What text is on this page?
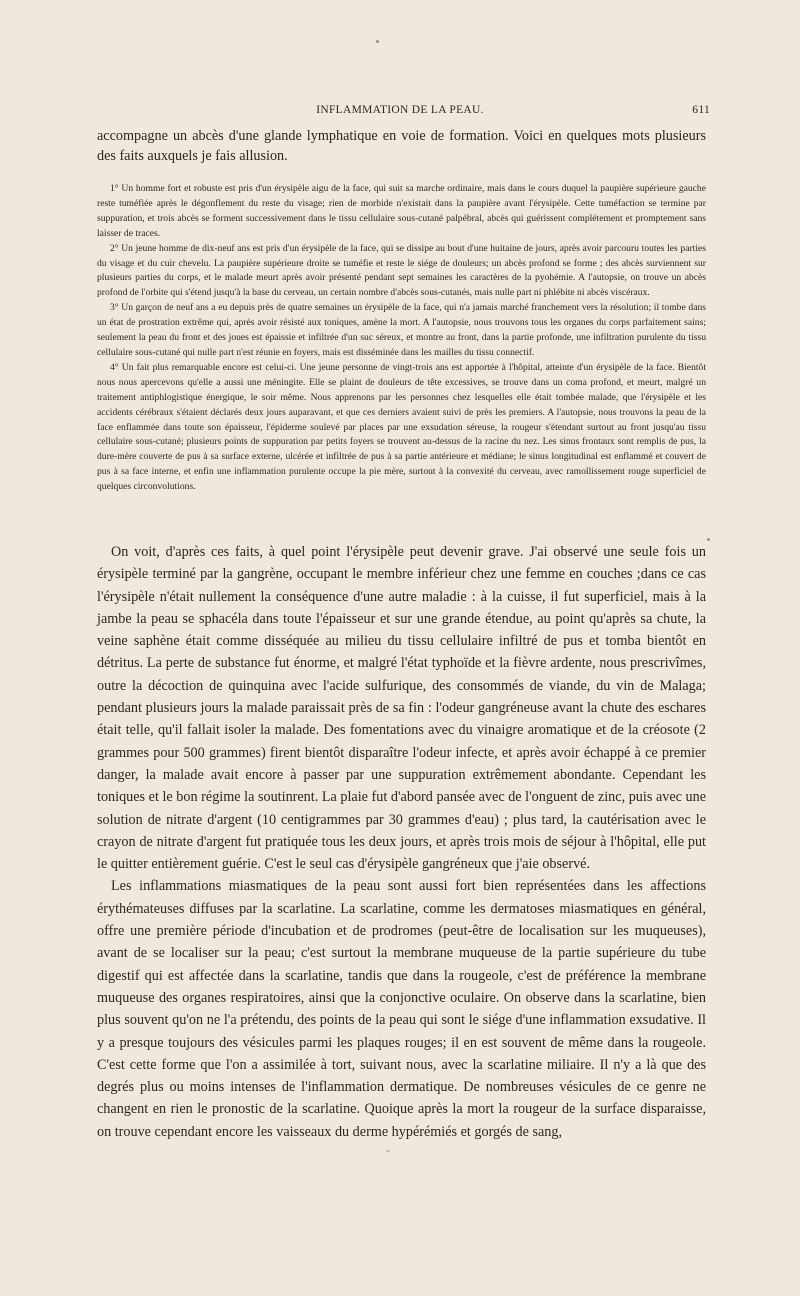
INFLAMMATION DE LA PEAU.	611

accompagne un abcès d'une glande lymphatique en voie de formation. Voici en quelques mots plusieurs des faits auxquels je fais allusion.

1° Un homme fort et robuste est pris d'un érysipèle aigu de la face, qui suit sa marche ordinaire, mais dans le cours duquel la paupière supérieure gauche reste tuméfiée après le dégonflement du reste du visage; rien de morbide n'existait dans la paupière avant l'érysipèle. Cette tuméfaction se termine par suppuration, et trois abcès se forment successivement dans le tissu cellulaire sous-cutané palpébral, abcès qui guérissent complétement et promptement sans laisser de traces.

2° Un jeune homme de dix-neuf ans est pris d'un érysipèle de la face, qui se dissipe au bout d'une huitaine de jours, après avoir parcouru toutes les parties du visage et du cuir chevelu. La paupière supérieure droite se tuméfie et reste le siége de douleurs; un abcès profond se forme ; des abcès surviennent sur plusieurs parties du corps, et le malade meurt après avoir présenté pendant sept semaines les caractères de la pyohémie. A l'autopsie, on trouve un abcès profond de l'orbite qui s'étend jusqu'à la base du cerveau, un certain nombre d'abcès sous-cutanés, mais nulle part ni phlébite ni abcès viscéraux.

3° Un garçon de neuf ans a eu depuis près de quatre semaines un érysipèle de la face, qui n'a jamais marché franchement vers la résolution; il tombe dans un état de prostration extrême qui, après avoir résisté aux toniques, amène la mort. A l'autopsie, nous trouvons tous les organes du corps parfaitement sains; seulement la peau du front et des joues est épaissie et infiltrée d'un suc séreux, et montre au front, dans la partie profonde, une infiltration purulente du tissu cellulaire sous-cutané qui nulle part n'est réunie en foyers, mais est disséminée dans les mailles du tissu connectif.

4° Un fait plus remarquable encore est celui-ci. Une jeune personne de vingt-trois ans est apportée à l'hôpital, atteinte d'un érysipèle de la face. Bientôt nous nous apercevons qu'elle a aussi une méningite. Elle se plaint de douleurs de tête excessives, se trouve dans un coma profond, et meurt, malgré un traitement antiphlogistique énergique, le soir même. Nous apprenons par les personnes chez lesquelles elle était tombée malade, que l'érysipèle et les accidents cérébraux s'étaient déclarés deux jours auparavant, et que ces derniers avaient suivi de près les premiers. A l'autopsie, nous trouvons la peau de la face enflammée dans toute son épaisseur, l'épiderme soulevé par places par une exsudation séreuse, la rougeur s'étendant surtout au front jusqu'au tissu cellulaire sous-cutané; plusieurs points de suppuration par petits foyers se trouvent au-dessus de la racine du nez. Les sinus frontaux sont remplis de pus, la dure-mère couverte de pus à sa surface externe, ulcérée et infiltrée de pus à sa partie antérieure et médiane; le sinus longitudinal est enflammé et couvert de pus à sa face interne, et enfin une inflammation purulente occupe la pie mère, surtout à la convexité du cerveau, avec ramollissement rouge superficiel de quelques circonvolutions.

On voit, d'après ces faits, à quel point l'érysipèle peut devenir grave. J'ai observé une seule fois un érysipèle terminé par la gangrène, occupant le membre inférieur chez une femme en couches ;dans ce cas l'érysipèle n'était nullement la conséquence d'une autre maladie : à la cuisse, il fut superficiel, mais à la jambe la peau se sphacéla dans toute l'épaisseur et sur une grande étendue, au point qu'après sa chute, la veine saphène était comme disséquée au milieu du tissu cellulaire infiltré de pus et tomba bientôt en détritus. La perte de substance fut énorme, et malgré l'état typhoïde et la fièvre ardente, nous prescrivîmes, outre la décoction de quinquina avec l'acide sulfurique, des consommés de viande, du vin de Malaga; pendant plusieurs jours la malade paraissait près de sa fin : l'odeur gangréneuse avant la chute des eschares était telle, qu'il fallait isoler la malade. Des fomentations avec du vinaigre aromatique et de la créosote (2 grammes pour 500 grammes) firent bientôt disparaître l'odeur infecte, et après avoir échappé à ce premier danger, la malade avait encore à passer par une suppuration extrêmement abondante. Cependant les toniques et le bon régime la soutinrent. La plaie fut d'abord pansée avec de l'onguent de zinc, puis avec une solution de nitrate d'argent (10 centigrammes par 30 grammes d'eau) ; plus tard, la cautérisation avec le crayon de nitrate d'argent fut pratiquée tous les deux jours, et après trois mois de séjour à l'hôpital, elle put le quitter entièrement guérie. C'est le seul cas d'érysipèle gangréneux que j'aie observé.

Les inflammations miasmatiques de la peau sont aussi fort bien représentées dans les affections érythémateuses diffuses par la scarlatine. La scarlatine, comme les dermatoses miasmatiques en général, offre une première période d'incubation et de prodromes (peut-être de localisation sur les muqueuses), avant de se localiser sur la peau; c'est surtout la membrane muqueuse de la partie supérieure du tube digestif qui est affectée dans la scarlatine, tandis que dans la rougeole, c'est de préférence la membrane muqueuse des organes respiratoires, ainsi que la conjonctive oculaire. On observe dans la scarlatine, bien plus souvent qu'on ne l'a prétendu, des points de la peau qui sont le siége d'une inflammation exsudative. Il y a presque toujours des vésicules parmi les plaques rouges; il en est souvent de même dans la rougeole. C'est cette forme que l'on a assimilée à tort, suivant nous, avec la scarlatine miliaire. Il n'y a là que des degrés plus ou moins intenses de l'inflammation dermatique. De nombreuses vésicules de ce genre ne changent en rien le pronostic de la scarlatine. Quoique après la mort la rougeur de la surface disparaisse, on trouve cependant encore les vaisseaux du derme hypérémiés et gorgés de sang,
